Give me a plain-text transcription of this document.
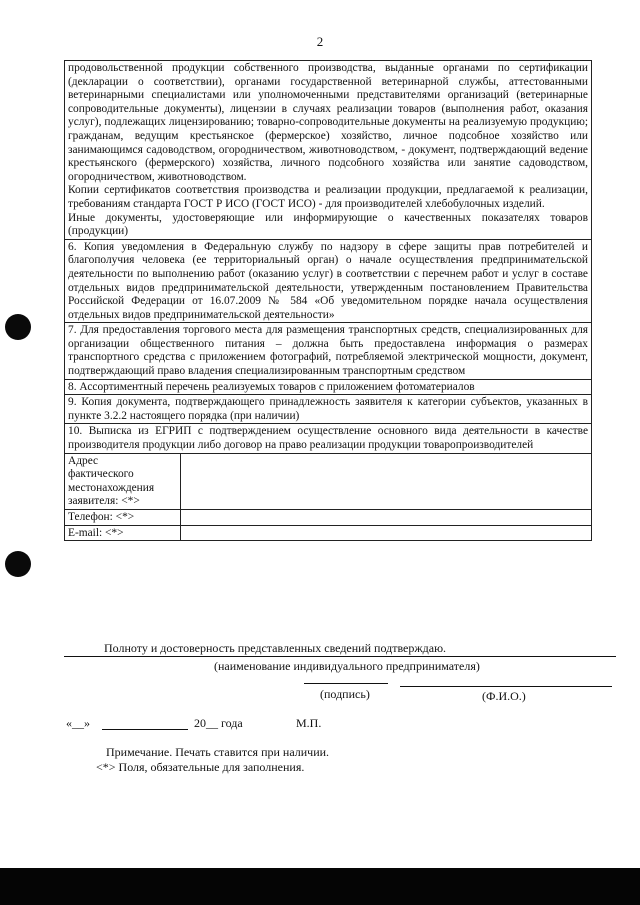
2

продовольственной продукции собственного производства, выданные органами по сертификации (декларации о соответствии), органами государственной ветеринарной службы, аттестованными ветеринарными специалистами или уполномоченными представителями организаций (ветеринарные сопроводительные документы), лицензии в случаях реализации товаров (выполнения работ, оказания услуг), подлежащих лицензированию; товарно-сопроводительные документы на реализуемую продукцию; гражданам, ведущим крестьянское (фермерское) хозяйство, личное подсобное хозяйство или занимающимся садоводством, огородничеством, животноводством, - документ, подтверждающий ведение крестьянского (фермерского) хозяйства, личного подсобного хозяйства или занятие садоводством, огородничеством, животноводством.

Копии сертификатов соответствия производства и реализации продукции, предлагаемой к реализации, требованиям стандарта ГОСТ Р ИСО (ГОСТ ИСО) - для производителей хлебобулочных изделий.

Иные документы, удостоверяющие или информирующие о качественных показателях товаров (продукции)	

6. Копия уведомления в Федеральную службу по надзору в сфере защиты прав потребителей и благополучия человека (ее территориальный орган) о начале осуществления предпринимательской деятельности по выполнению работ (оказанию услуг) в соответствии с перечнем работ и услуг в составе отдельных видов предпринимательской деятельности, утвержденным постановлением Правительства Российской Федерации от 16.07.2009 № 584 «Об уведомительном порядке начала осуществления отдельных видов предпринимательской деятельности»	
7. Для предоставления торгового места для размещения транспортных средств, специализированных для организации общественного питания – должна быть предоставлена информация о размерах транспортного средства с приложением фотографий, потребляемой электрической мощности, документ, подтверждающий право владения специализированным транспортным средством	
8. Ассортиментный перечень реализуемых товаров с приложением фотоматериалов	
9. Копия документа, подтверждающего принадлежность заявителя к категории субъектов, указанных в пункте 3.2.2 настоящего порядка (при наличии)	
10. Выписка из ЕГРИП с подтверждением осуществление основного вида деятельности в качестве производителя продукции либо договор на право реализации продукции товаропроизводителей	
Адрес фактического местонахождения заявителя: <*>	
Телефон: <*>	
E-mail: <*>	
Полноту и достоверность представленных сведений подтверждаю.
(наименование индивидуального предпринимателя)
(подпись)	(Ф.И.О.)
«__»	20__ года	М.П.
Примечание. Печать ставится при наличии.
<*> Поля, обязательные для заполнения.
